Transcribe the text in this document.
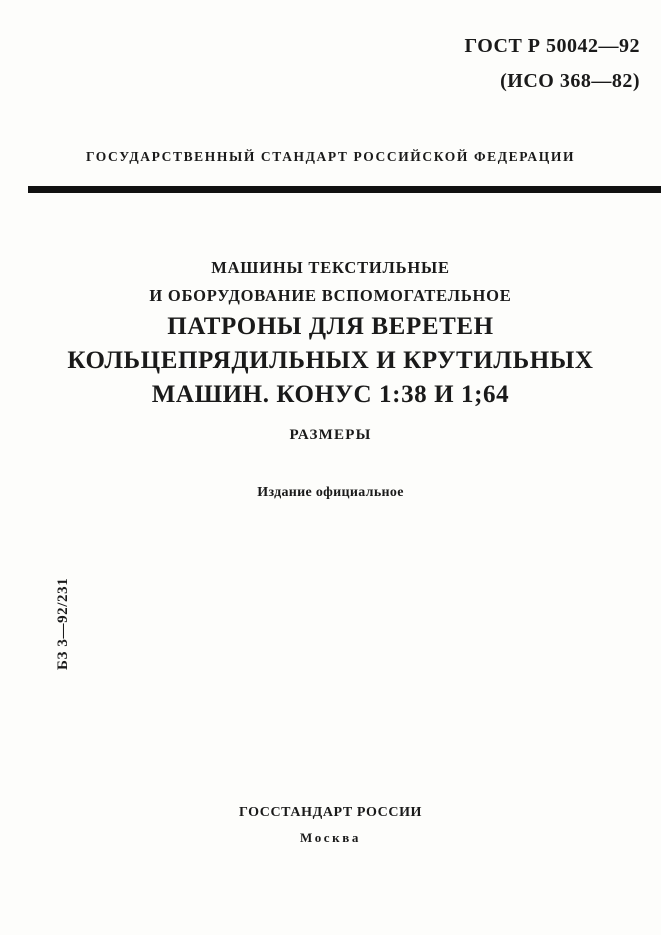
ГОСТ Р 50042—92
(ИСО 368—82)
ГОСУДАРСТВЕННЫЙ СТАНДАРТ РОССИЙСКОЙ ФЕДЕРАЦИИ
МАШИНЫ ТЕКСТИЛЬНЫЕ
И ОБОРУДОВАНИЕ ВСПОМОГАТЕЛЬНОЕ
ПАТРОНЫ ДЛЯ ВЕРЕТЕН
КОЛЬЦЕПРЯДИЛЬНЫХ И КРУТИЛЬНЫХ
МАШИН. КОНУС 1:38 И 1;64
РАЗМЕРЫ
Издание официальное
БЗ 3—92/231
ГОССТАНДАРТ РОССИИ
Москва
